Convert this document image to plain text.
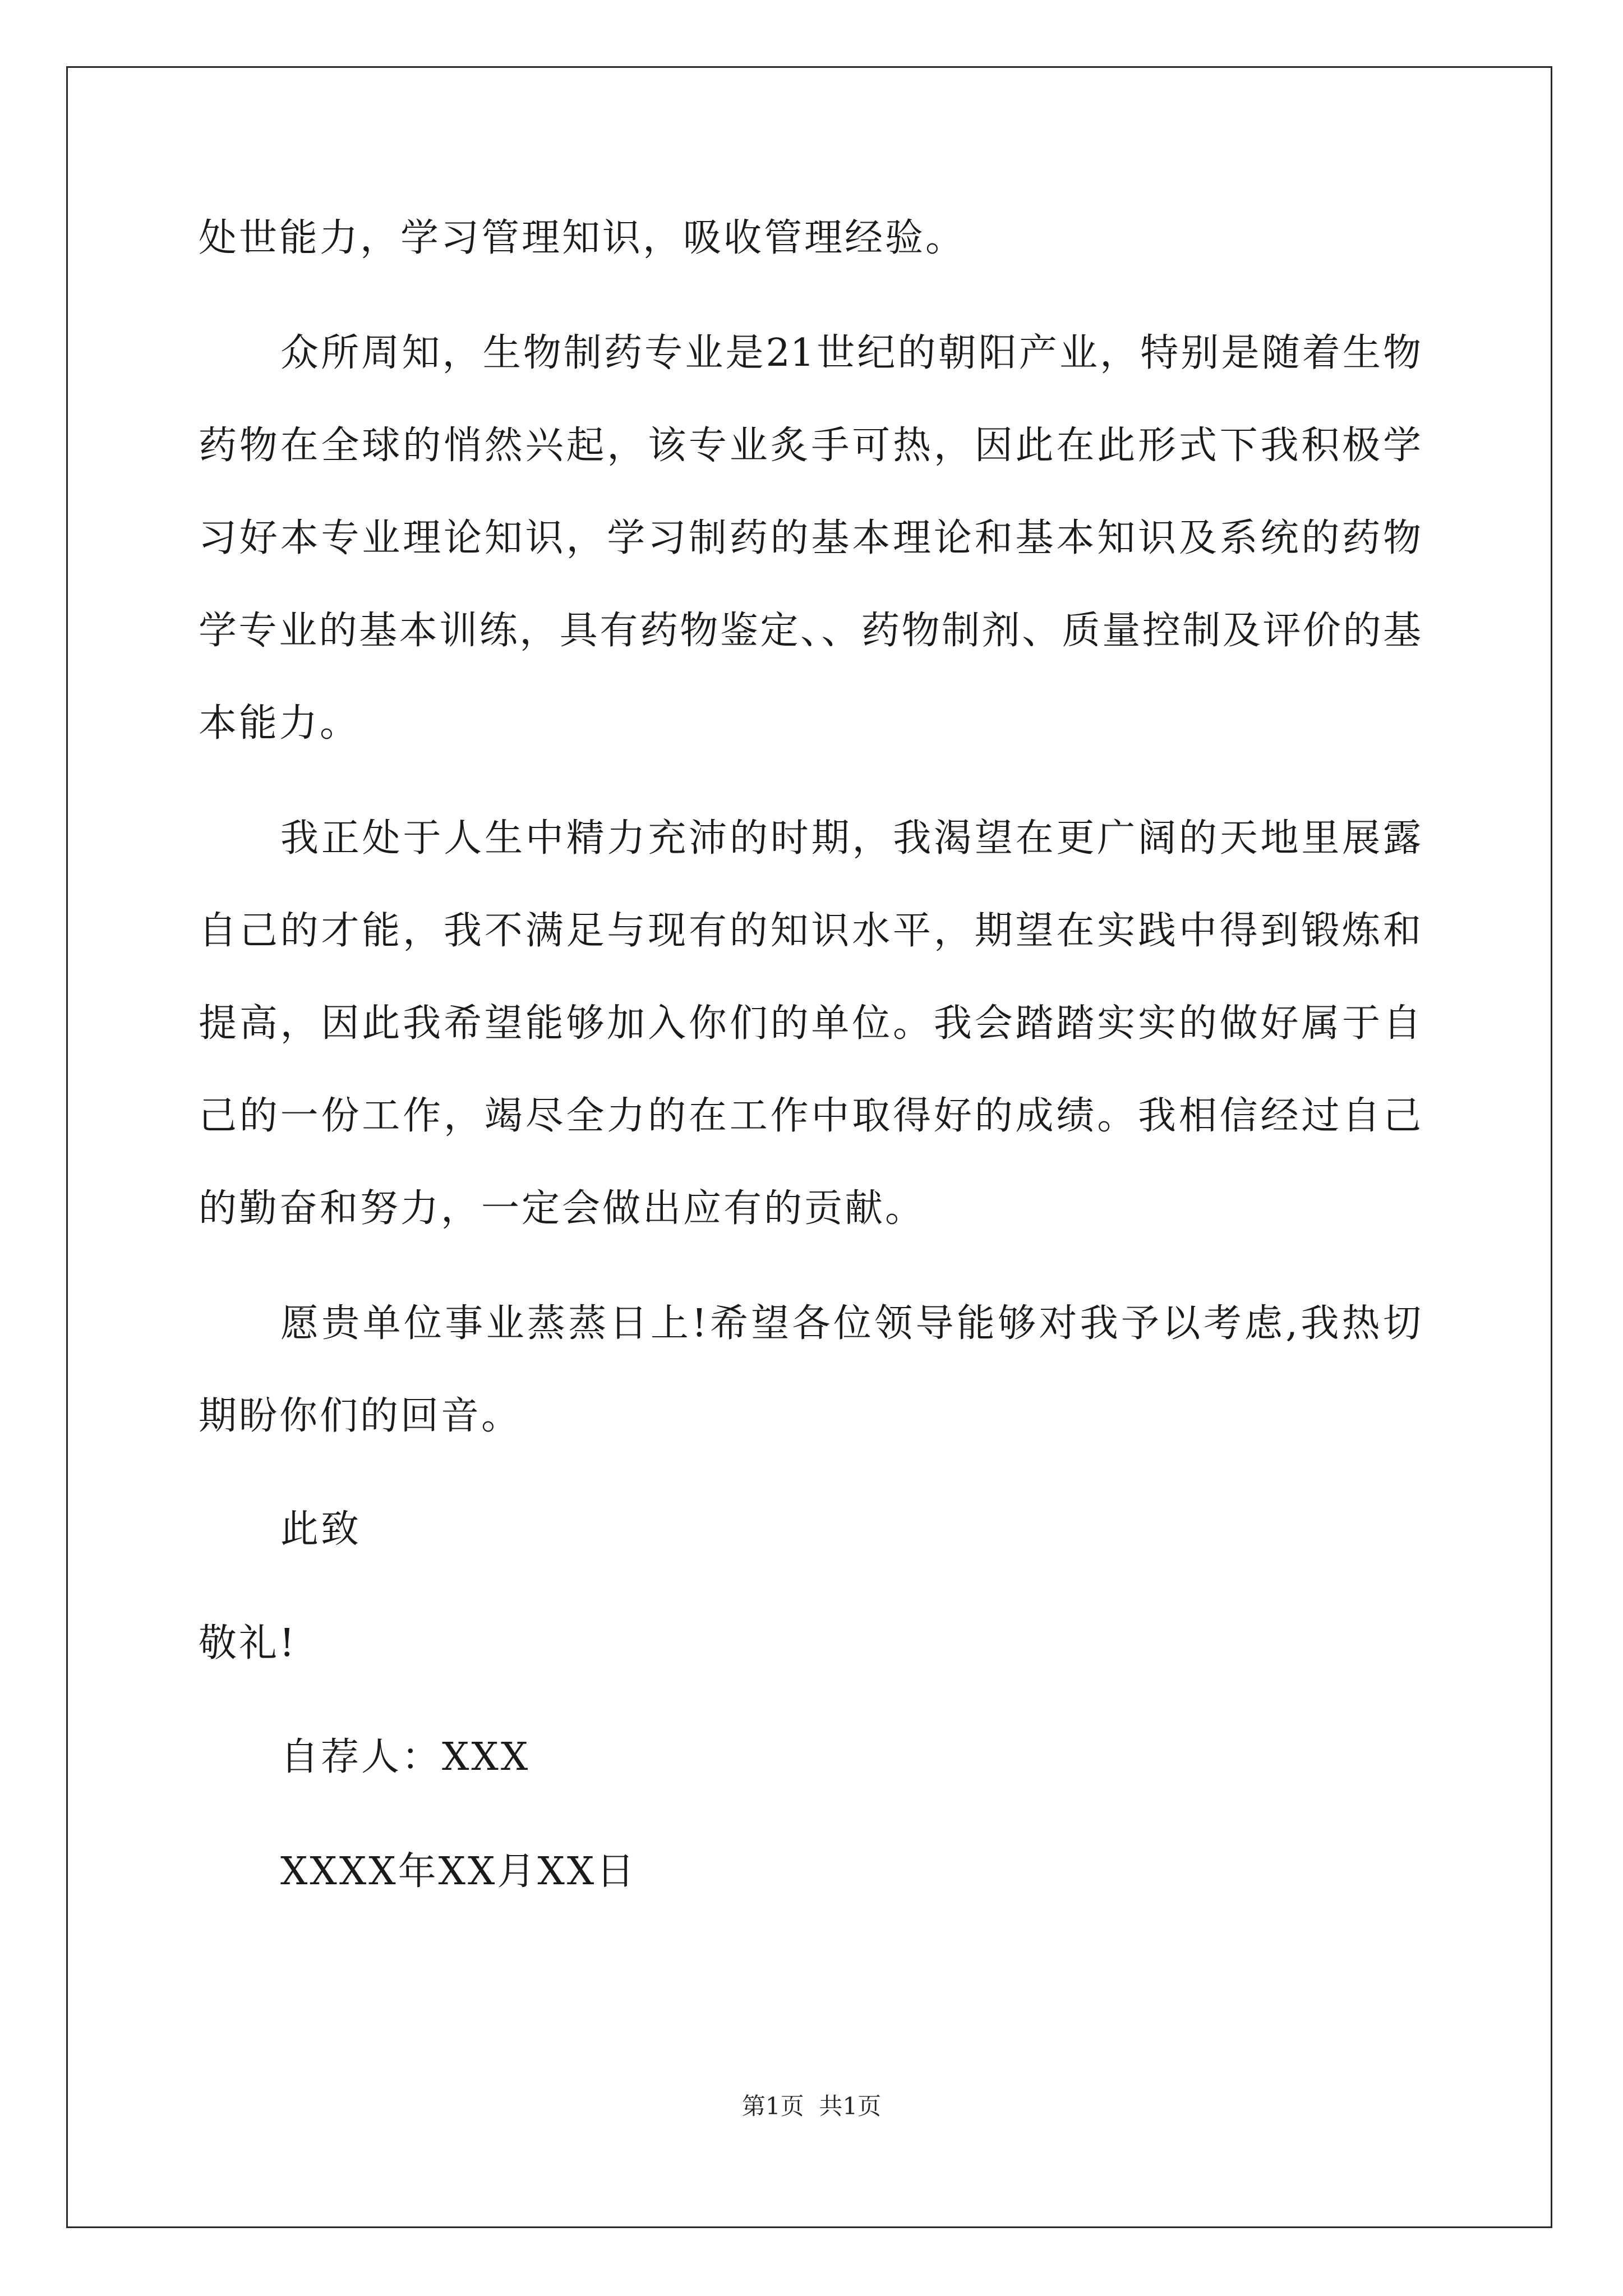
处世能力，学习管理知识，吸收管理经验。
众所周知，生物制药专业是21世纪的朝阳产业，特别是随着生物
药物在全球的悄然兴起，该专业炙手可热，因此在此形式下我积极学
习好本专业理论知识，学习制药的基本理论和基本知识及系统的药物
学专业的基本训练，具有药物鉴定、、药物制剂、质量控制及评价的基
本能力。
我正处于人生中精力充沛的时期，我渴望在更广阔的天地里展露
自己的才能，我不满足与现有的知识水平，期望在实践中得到锻炼和
提高，因此我希望能够加入你们的单位。我会踏踏实实的做好属于自
己的一份工作，竭尽全力的在工作中取得好的成绩。我相信经过自己
的勤奋和努力，一定会做出应有的贡献。
愿贵单位事业蒸蒸日上!希望各位领导能够对我予以考虑,我热切
期盼你们的回音。
此致
敬礼!
自荐人：XXX
XXXX年XX月XX日
第1页  共1页
